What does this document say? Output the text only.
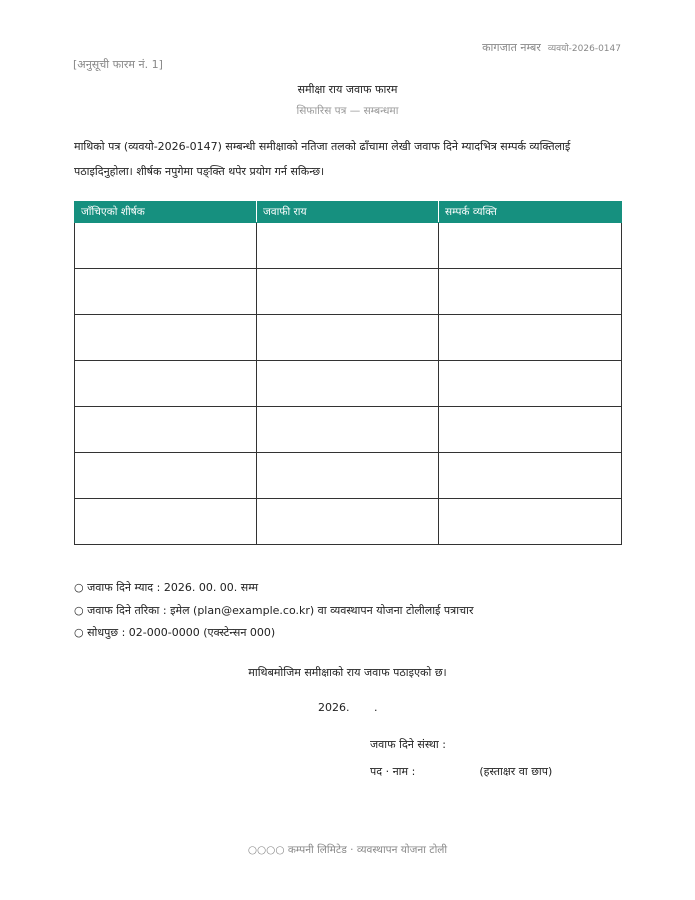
कागजात नम्बर व्यवयो-2026-0147
[अनुसूची फारम नं. 1]
समीक्षा राय जवाफ फारम
सिफारिस पत्र — सम्बन्धमा
माथिको पत्र (व्यवयो-2026-0147) सम्बन्धी समीक्षाको नतिजा तलको ढाँचामा लेखी जवाफ दिने म्यादभित्र सम्पर्क व्यक्तिलाई
पठाइदिनुहोला। शीर्षक नपुगेमा पङ्क्ति थपेर प्रयोग गर्न सकिन्छ।
जाँचिएको शीर्षक	जवाफी राय	सम्पर्क व्यक्ति

○ जवाफ दिने म्याद : 2026. 00. 00. सम्म
○ जवाफ दिने तरिका : इमेल (plan@example.co.kr) वा व्यवस्थापन योजना टोलीलाई पत्राचार
○ सोधपुछ : 02-000-0000 (एक्स्टेन्सन 000)
माथिबमोजिम समीक्षाको राय जवाफ पठाइएको छ।
2026.       .
जवाफ दिने संस्था :
पद · नाम :	(हस्ताक्षर वा छाप)
○○○○ कम्पनी लिमिटेड · व्यवस्थापन योजना टोली
